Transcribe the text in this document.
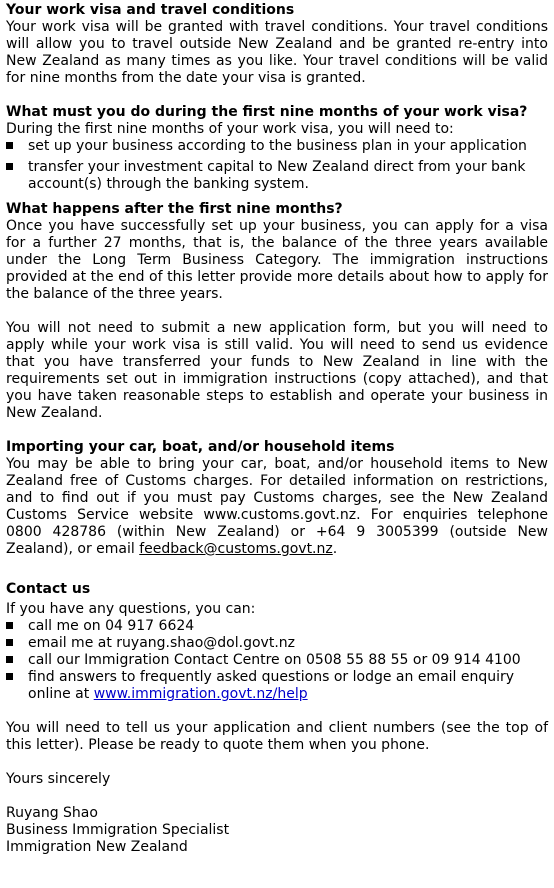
Your work visa and travel conditions

Your work visa will be granted with travel conditions. Your travel conditions will allow you to travel outside New Zealand and be granted re-entry into New Zealand as many times as you like. Your travel conditions will be valid for nine months from the date your visa is granted.

What must you do during the first nine months of your work visa?

During the first nine months of your work visa, you will need to:

set up your business according to the business plan in your application
transfer your investment capital to New Zealand direct from your bank account(s) through the banking system.
What happens after the first nine months?

Once you have successfully set up your business, you can apply for a visa for a further 27 months, that is, the balance of the three years available under the Long Term Business Category. The immigration instructions provided at the end of this letter provide more details about how to apply for the balance of the three years.

You will not need to submit a new application form, but you will need to apply while your work visa is still valid. You will need to send us evidence that you have transferred your funds to New Zealand in line with the requirements set out in immigration instructions (copy attached), and that you have taken reasonable steps to establish and operate your business in New Zealand.

Importing your car, boat, and/or household items

You may be able to bring your car, boat, and/or household items to New Zealand free of Customs charges. For detailed information on restrictions, and to find out if you must pay Customs charges, see the New Zealand Customs Service website www.customs.govt.nz. For enquiries telephone 0800 428786 (within New Zealand) or +64 9 3005399 (outside New Zealand), or email feedback@customs.govt.nz.

Contact us

If you have any questions, you can:

call me on 04 917 6624
email me at ruyang.shao@dol.govt.nz
call our Immigration Contact Centre on 0508 55 88 55 or 09 914 4100
find answers to frequently asked questions or lodge an email enquiry online at www.immigration.govt.nz/help

You will need to tell us your application and client numbers (see the top of this letter). Please be ready to quote them when you phone.

Yours sincerely

Ruyang Shao

Business Immigration Specialist

Immigration New Zealand
